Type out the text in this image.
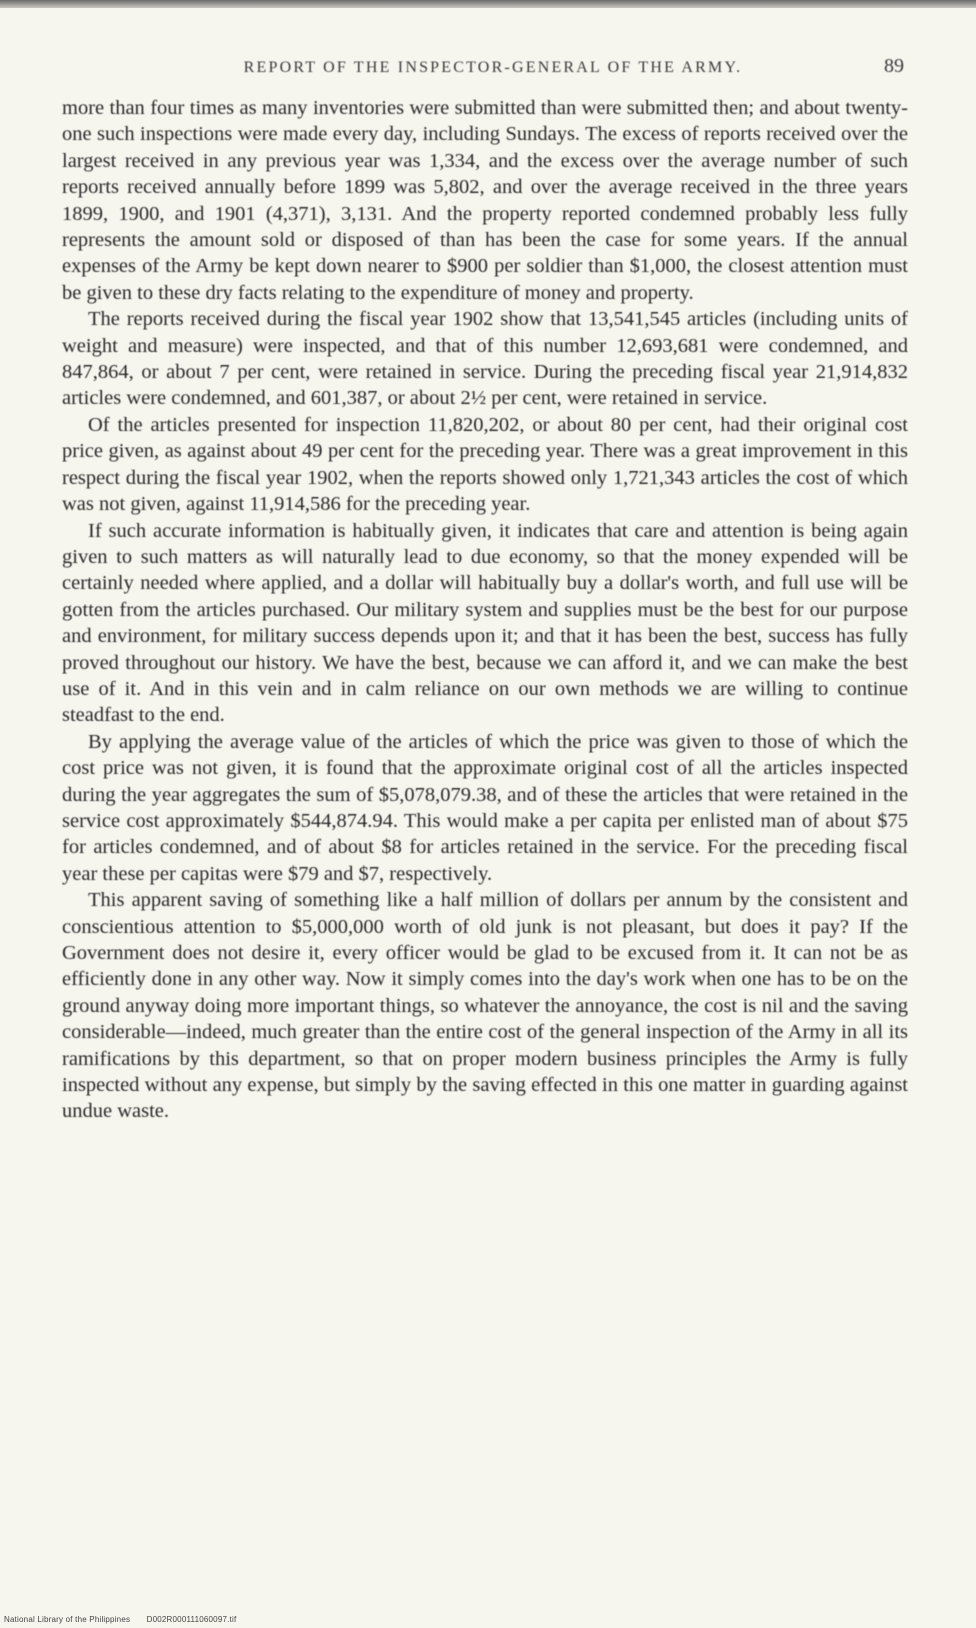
REPORT OF THE INSPECTOR-GENERAL OF THE ARMY.	89

more than four times as many inventories were submitted than were submitted then; and about twenty-one such inspections were made every day, including Sundays. The excess of reports received over the largest received in any previous year was 1,334, and the excess over the average number of such reports received annually before 1899 was 5,802, and over the average received in the three years 1899, 1900, and 1901 (4,371), 3,131. And the property reported condemned probably less fully represents the amount sold or disposed of than has been the case for some years. If the annual expenses of the Army be kept down nearer to $900 per soldier than $1,000, the closest attention must be given to these dry facts relating to the expenditure of money and property.

The reports received during the fiscal year 1902 show that 13,541,545 articles (including units of weight and measure) were inspected, and that of this number 12,693,681 were condemned, and 847,864, or about 7 per cent, were retained in service. During the preceding fiscal year 21,914,832 articles were condemned, and 601,387, or about 2½ per cent, were retained in service.

Of the articles presented for inspection 11,820,202, or about 80 per cent, had their original cost price given, as against about 49 per cent for the preceding year. There was a great improvement in this respect during the fiscal year 1902, when the reports showed only 1,721,343 articles the cost of which was not given, against 11,914,586 for the preceding year.

If such accurate information is habitually given, it indicates that care and attention is being again given to such matters as will naturally lead to due economy, so that the money expended will be certainly needed where applied, and a dollar will habitually buy a dollar's worth, and full use will be gotten from the articles purchased. Our military system and supplies must be the best for our purpose and environment, for military success depends upon it; and that it has been the best, success has fully proved throughout our history. We have the best, because we can afford it, and we can make the best use of it. And in this vein and in calm reliance on our own methods we are willing to continue steadfast to the end.

By applying the average value of the articles of which the price was given to those of which the cost price was not given, it is found that the approximate original cost of all the articles inspected during the year aggregates the sum of $5,078,079.38, and of these the articles that were retained in the service cost approximately $544,874.94. This would make a per capita per enlisted man of about $75 for articles condemned, and of about $8 for articles retained in the service. For the preceding fiscal year these per capitas were $79 and $7, respectively.

This apparent saving of something like a half million of dollars per annum by the consistent and conscientious attention to $5,000,000 worth of old junk is not pleasant, but does it pay? If the Government does not desire it, every officer would be glad to be excused from it. It can not be as efficiently done in any other way. Now it simply comes into the day's work when one has to be on the ground anyway doing more important things, so whatever the annoyance, the cost is nil and the saving considerable—indeed, much greater than the entire cost of the general inspection of the Army in all its ramifications by this department, so that on proper modern business principles the Army is fully inspected without any expense, but simply by the saving effected in this one matter in guarding against undue waste.

National Library of the Philippines D002R000111060097.tif
